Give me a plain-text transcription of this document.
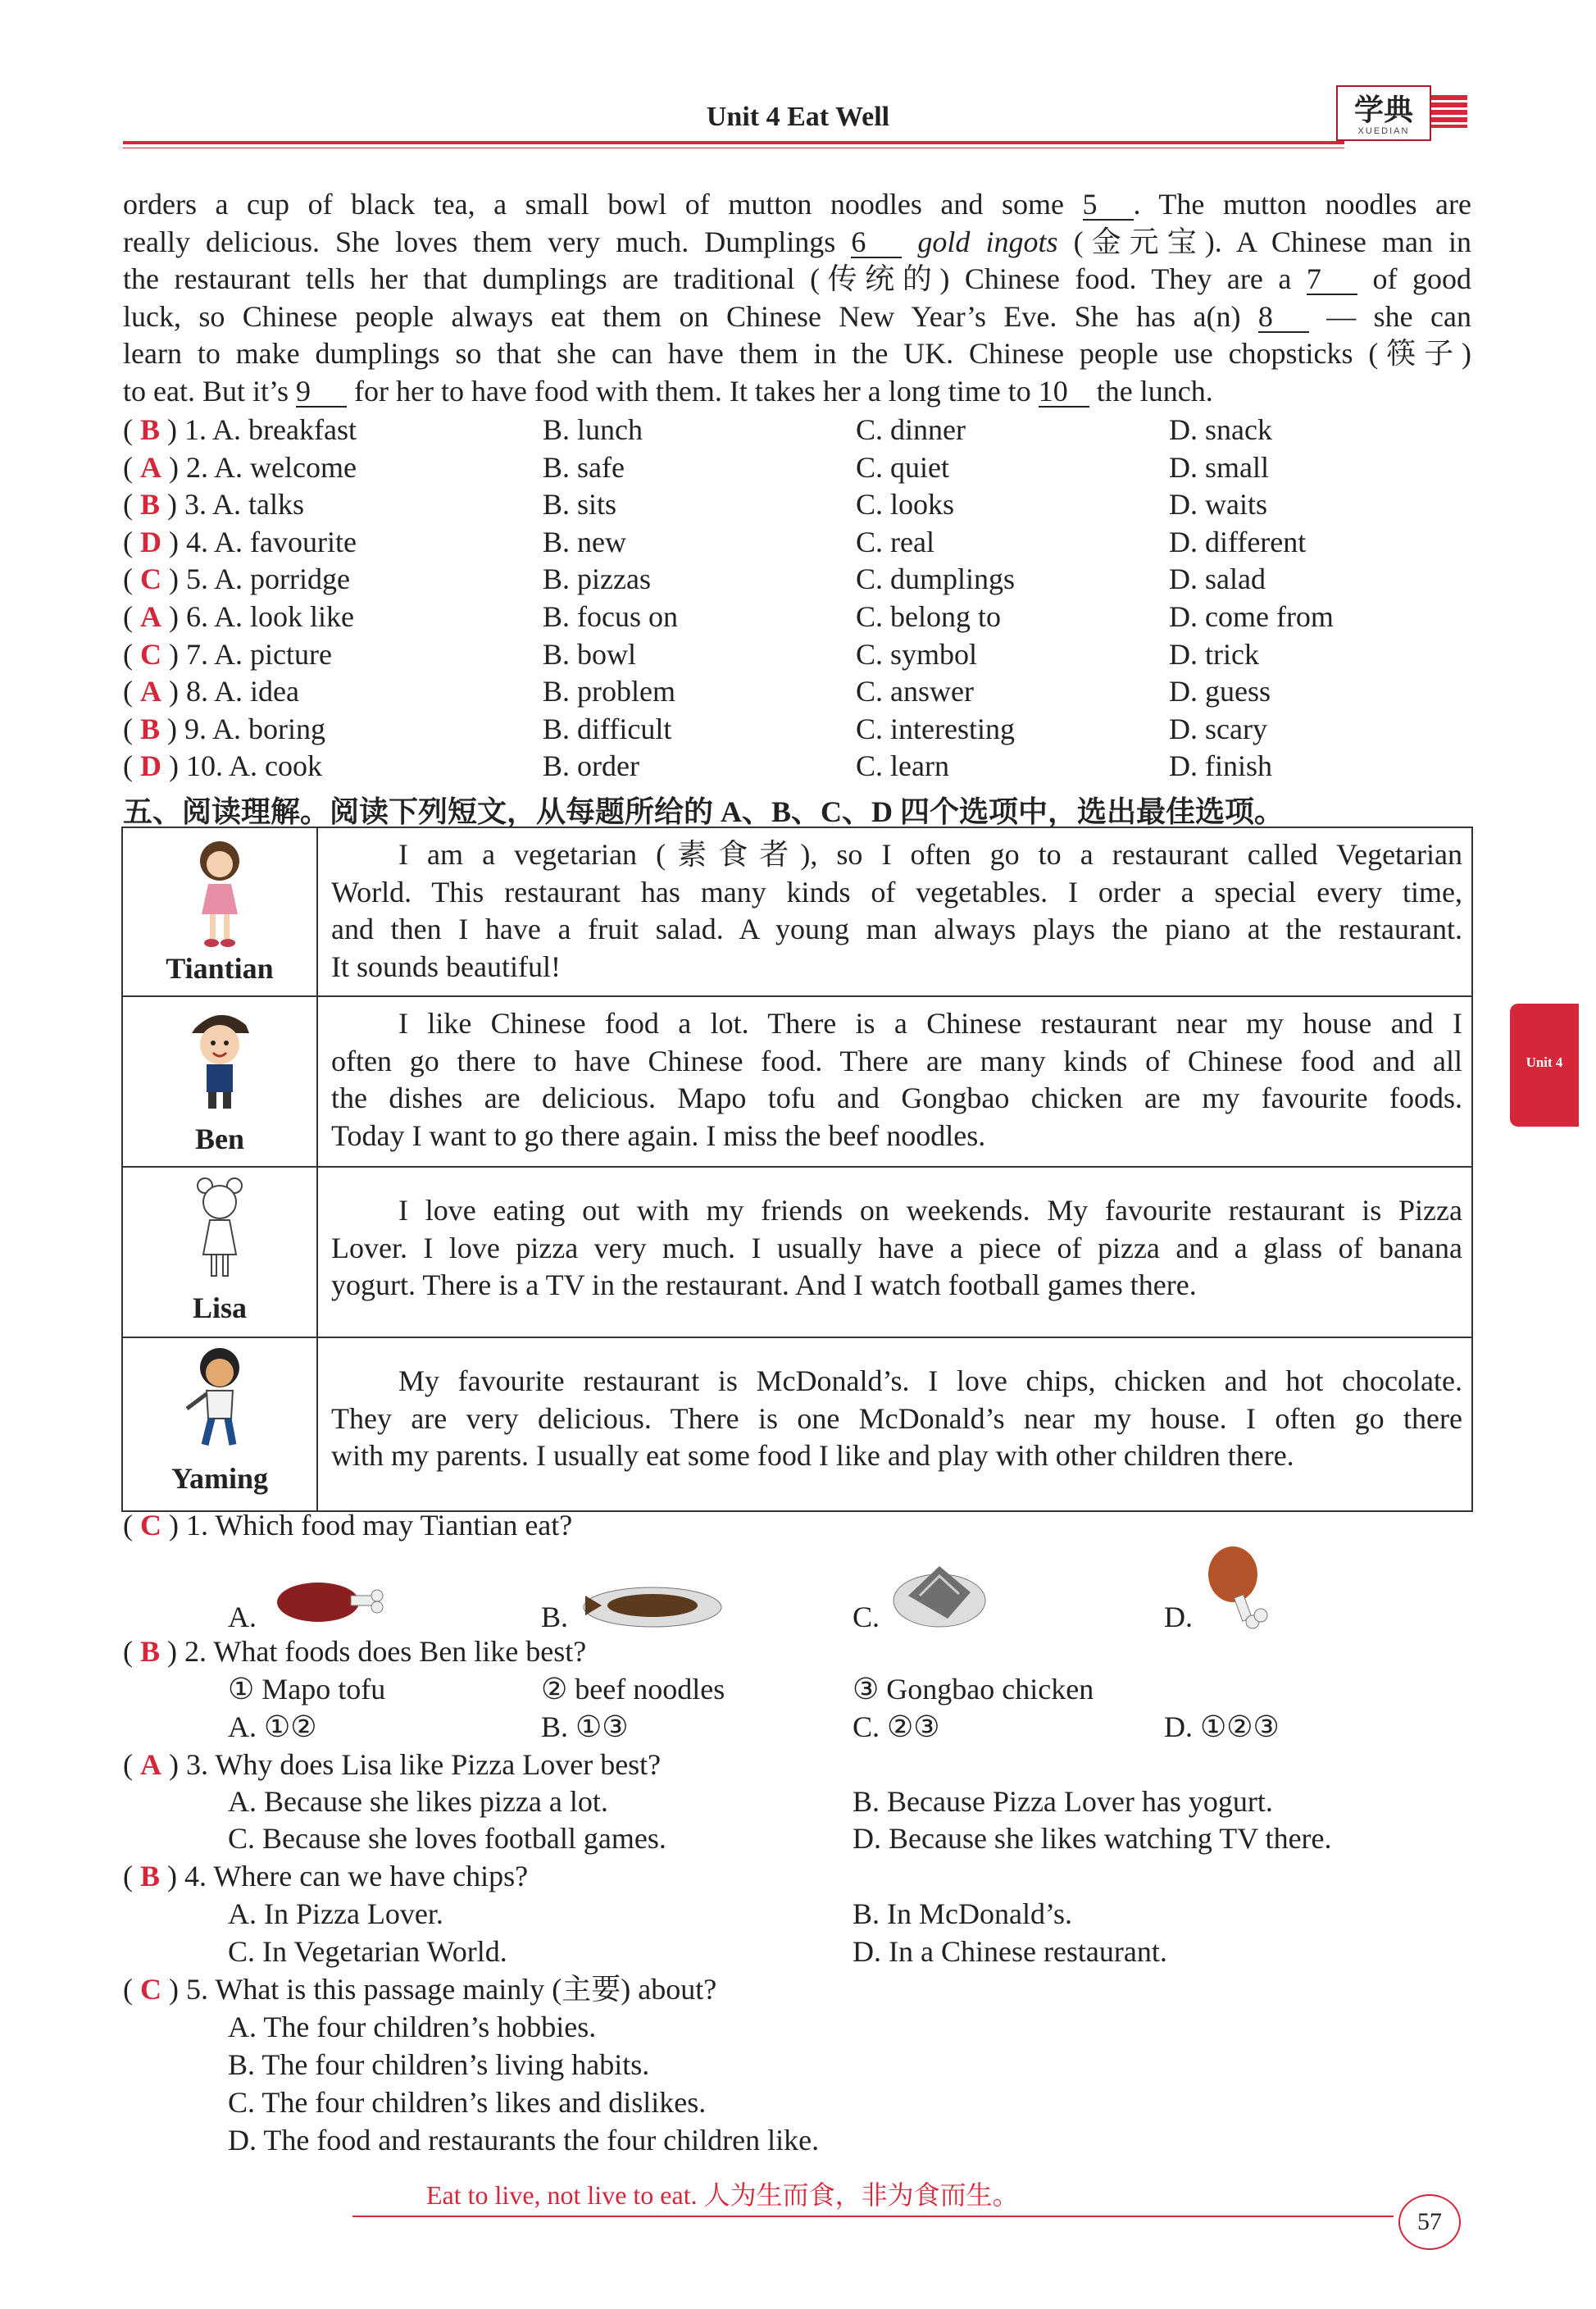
Unit 4 Eat Well	学典
XUEDIAN
Unit 4
orders a cup of black tea, a small bowl of mutton noodles and some 5 . The mutton noodles are
really delicious. She loves them very much. Dumplings 6 gold ingots (金元宝). A Chinese man in
the restaurant tells her that dumplings are traditional (传统的) Chinese food. They are a 7 of good
luck, so Chinese people always eat them on Chinese New Year’s Eve. She has a(n) 8 — she can
learn to make dumplings so that she can have them in the UK. Chinese people use chopsticks (筷子)
to eat. But it’s 9 for her to have food with them. It takes her a long time to 10 the lunch.
( B ) 1. A. breakfast	B. lunch	C. dinner	D. snack
( A ) 2. A. welcome	B. safe	C. quiet	D. small
( B ) 3. A. talks	B. sits	C. looks	D. waits
( D ) 4. A. favourite	B. new	C. real	D. different
( C ) 5. A. porridge	B. pizzas	C. dumplings	D. salad
( A ) 6. A. look like	B. focus on	C. belong to	D. come from
( C ) 7. A. picture	B. bowl	C. symbol	D. trick
( A ) 8. A. idea	B. problem	C. answer	D. guess
( B ) 9. A. boring	B. difficult	C. interesting	D. scary
( D ) 10. A. cook	B. order	C. learn	D. finish
五、阅读理解。阅读下列短文，从每题所给的 A、B、C、D 四个选项中，选出最佳选项。
Tiantian
I am a vegetarian (素食者), so I often go to a restaurant called Vegetarian
World. This restaurant has many kinds of vegetables. I order a special every time,
and then I have a fruit salad. A young man always plays the piano at the restaurant.
It sounds beautiful!
Ben
I like Chinese food a lot. There is a Chinese restaurant near my house and I
often go there to have Chinese food. There are many kinds of Chinese food and all
the dishes are delicious. Mapo tofu and Gongbao chicken are my favourite foods.
Today I want to go there again. I miss the beef noodles.
Lisa
I love eating out with my friends on weekends. My favourite restaurant is Pizza
Lover. I love pizza very much. I usually have a piece of pizza and a glass of banana
yogurt. There is a TV in the restaurant. And I watch football games there.
Yaming
My favourite restaurant is McDonald’s. I love chips, chicken and hot chocolate.
They are very delicious. There is one McDonald’s near my house. I often go there
with my parents. I usually eat some food I like and play with other children there.
( C ) 1. Which food may Tiantian eat?
A.	B.	C.	D.
( B ) 2. What foods does Ben like best?
① Mapo tofu	② beef noodles	③ Gongbao chicken
A. ①②	B. ①③	C. ②③	D. ①②③
( A ) 3. Why does Lisa like Pizza Lover best?
A. Because she likes pizza a lot.	B. Because Pizza Lover has yogurt.
C. Because she loves football games.	D. Because she likes watching TV there.
( B ) 4. Where can we have chips?
A. In Pizza Lover.	B. In McDonald’s.
C. In Vegetarian World.	D. In a Chinese restaurant.
( C ) 5. What is this passage mainly (主要) about?
A. The four children’s hobbies.
B. The four children’s living habits.
C. The four children’s likes and dislikes.
D. The food and restaurants the four children like.
Eat to live, not live to eat. 人为生而食，非为食而生。
57
